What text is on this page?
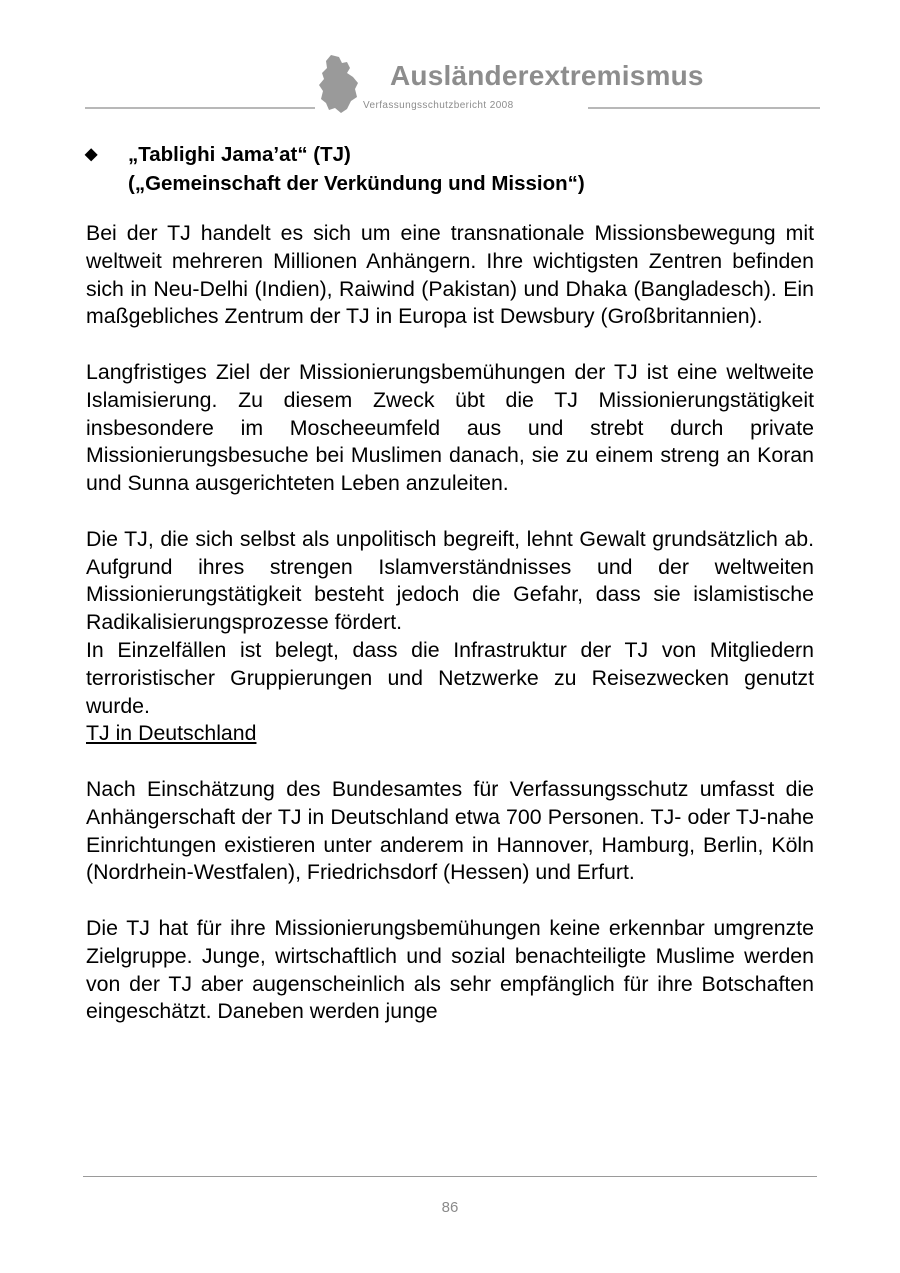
Ausländerextremismus
Verfassungsschutzbericht 2008
◆ „Tablighi Jama’at“ (TJ)
(„Gemeinschaft der Verkündung und Mission“)

Bei der TJ handelt es sich um eine transnationale Missionsbewegung mit weltweit mehreren Millionen Anhängern. Ihre wichtigsten Zentren befinden sich in Neu-Delhi (Indien), Raiwind (Pakistan) und Dhaka (Bangladesch). Ein maßgebliches Zentrum der TJ in Europa ist Dewsbury (Großbritannien).

Langfristiges Ziel der Missionierungsbemühungen der TJ ist eine weltweite Islamisierung. Zu diesem Zweck übt die TJ Missionierungstätigkeit insbesondere im Moscheeumfeld aus und strebt durch private Missionierungsbesuche bei Muslimen danach, sie zu einem streng an Koran und Sunna ausgerichteten Leben anzuleiten.

Die TJ, die sich selbst als unpolitisch begreift, lehnt Gewalt grundsätzlich ab. Aufgrund ihres strengen Islamverständnisses und der weltweiten Missionierungstätigkeit besteht jedoch die Gefahr, dass sie islamistische Radikalisierungsprozesse fördert.

In Einzelfällen ist belegt, dass die Infrastruktur der TJ von Mitgliedern terroristischer Gruppierungen und Netzwerke zu Reisezwecken genutzt wurde.

TJ in Deutschland

Nach Einschätzung des Bundesamtes für Verfassungsschutz umfasst die Anhängerschaft der TJ in Deutschland etwa 700 Personen. TJ- oder TJ-nahe Einrichtungen existieren unter anderem in Hannover, Hamburg, Berlin, Köln (Nordrhein-Westfalen), Friedrichsdorf (Hessen) und Erfurt.

Die TJ hat für ihre Missionierungsbemühungen keine erkennbar umgrenzte Zielgruppe. Junge, wirtschaftlich und sozial benachteiligte Muslime werden von der TJ aber augenscheinlich als sehr empfänglich für ihre Botschaften eingeschätzt. Daneben werden junge

86
